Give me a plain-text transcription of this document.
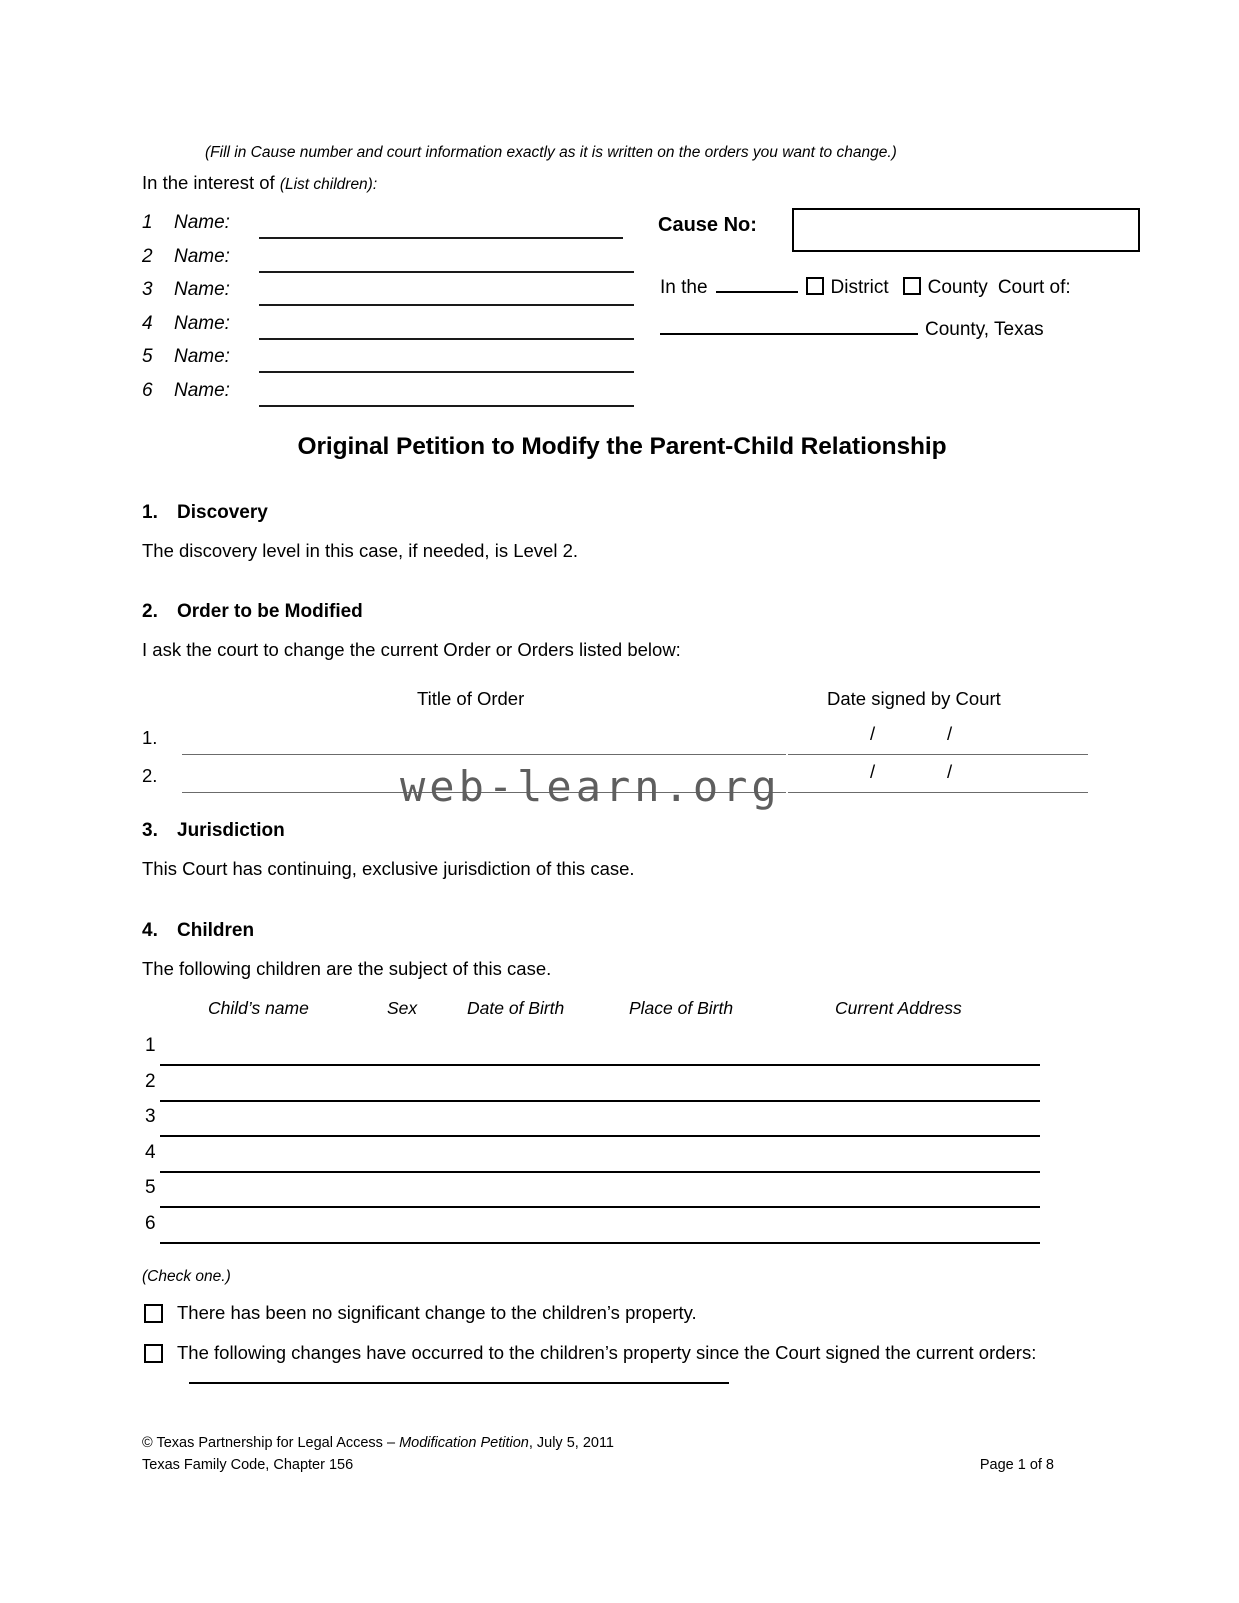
(Fill in Cause number and court information exactly as it is written on the orders you want to change.)
In the interest of (List children):
1 Name:
2 Name:
3 Name:
4 Name:
5 Name:
6 Name:
Cause No:
In the	District County Court of:
County, Texas
Original Petition to Modify the Parent-Child Relationship
1. Discovery
The discovery level in this case, if needed, is Level 2.
2. Order to be Modified
I ask the court to change the current Order or Orders listed below:
Title of Order	Date signed by Court
1.	/	/
2.	/	/
3. Jurisdiction
This Court has continuing, exclusive jurisdiction of this case.
4. Children
The following children are the subject of this case.
Child’s name	Sex	Date of Birth	Place of Birth	Current Address
1
2
3
4
5
6
(Check one.)
There has been no significant change to the children’s property.
The following changes have occurred to the children’s property since the Court signed the current orders:
© Texas Partnership for Legal Access – Modification Petition, July 5, 2011
Texas Family Code, Chapter 156	Page 1 of 8
web-learn.org
